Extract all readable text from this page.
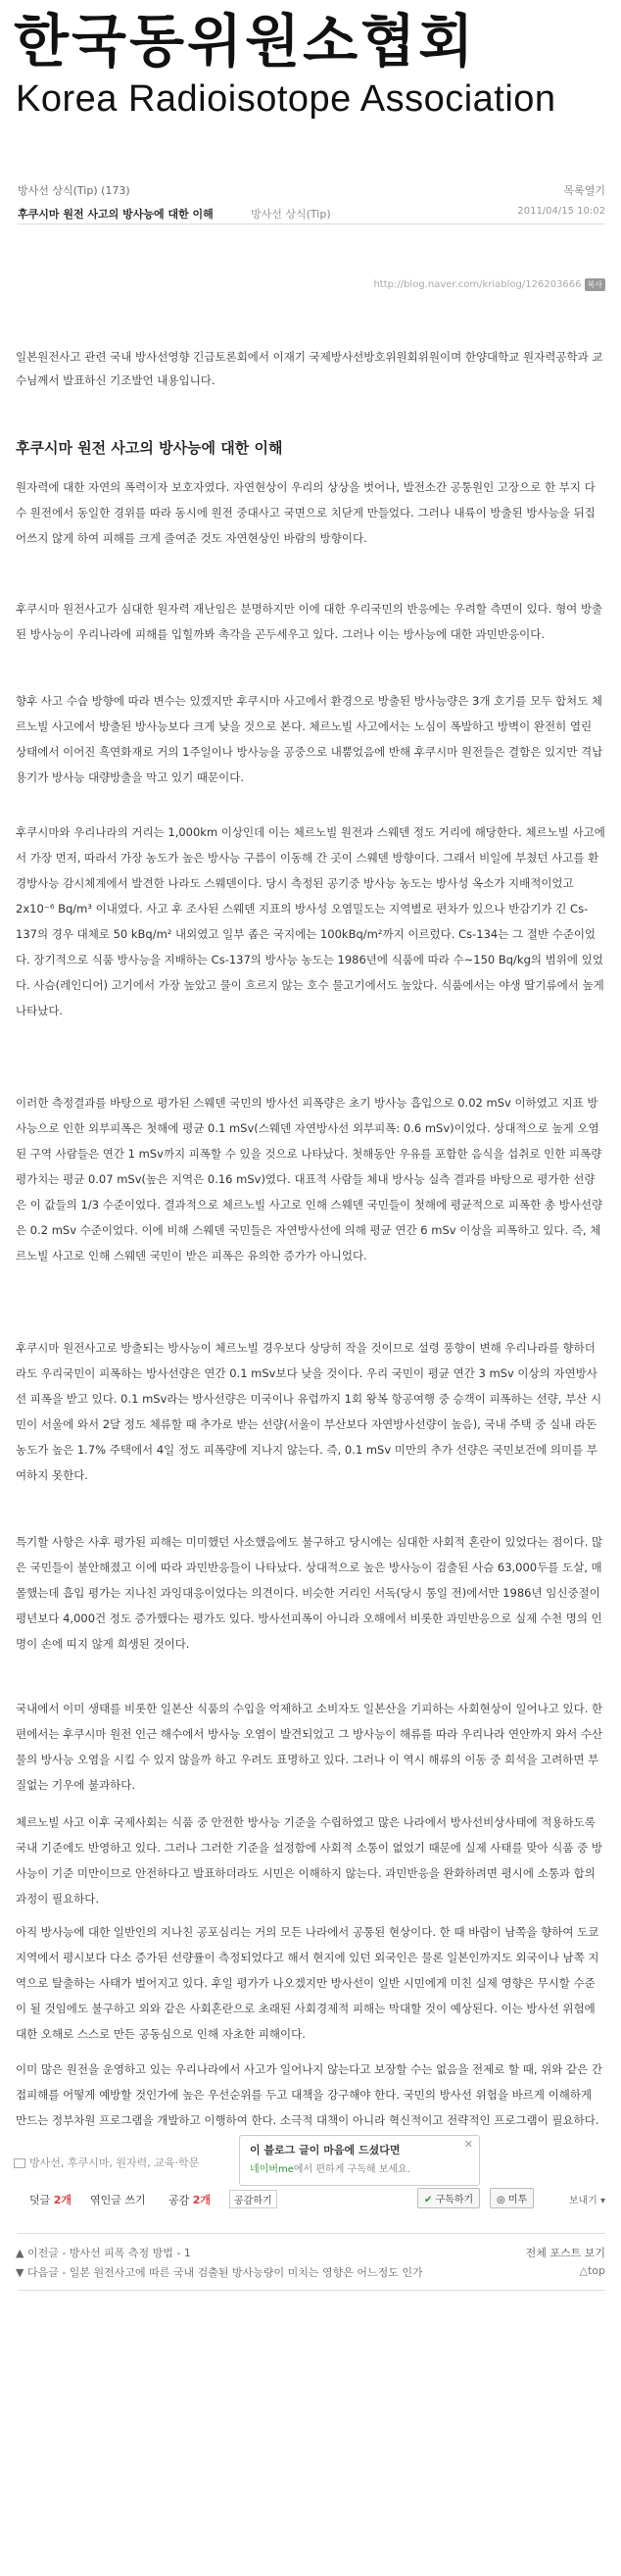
한국동위원소협회
Korea Radioisotope Association
방사선 상식(Tip) (173)	목록열기
후쿠시마 원전 사고의 방사능에 대한 이해	방사선 상식(Tip)	2011/04/15 10:02
http://blog.naver.com/kriablog/126203666 복사
일본원전사고 관련 국내 방사선영향 긴급토론회에서 이재기 국제방사선방호위원회위원이며 한양대학교 원자력공학과 교수님께서 발표하신 기조발언 내용입니다.
후쿠시마 원전 사고의 방사능에 대한 이해
원자력에 대한 자연의 폭력이자 보호자였다. 자연현상이 우리의 상상을 벗어나, 발전소간 공통원인 고장으로 한 부지 다수 원전에서 동일한 경위를 따라 동시에 원전 중대사고 국면으로 치닫게 만들었다. 그러나 내륙이 방출된 방사능을 뒤집어쓰지 않게 하여 피해를 크게 줄여준 것도 자연현상인 바람의 방향이다.
후쿠시마 원전사고가 심대한 원자력 재난임은 분명하지만 이에 대한 우리국민의 반응에는 우려할 측면이 있다. 형여 방출된 방사능이 우리나라에 피해를 입힐까봐 촉각을 곤두세우고 있다. 그러나 이는 방사능에 대한 과민반응이다.
향후 사고 수습 방향에 따라 변수는 있겠지만 후쿠시마 사고에서 환경으로 방출된 방사능량은 3개 호기를 모두 합쳐도 체르노빌 사고에서 방출된 방사능보다 크게 낮을 것으로 본다. 체르노빌 사고에서는 노심이 폭발하고 방벽이 완전히 열린 상태에서 이어진 흑연화재로 거의 1주일이나 방사능을 공중으로 내뿜었음에 반해 후쿠시마 원전들은 결함은 있지만 격납용기가 방사능 대량방출을 막고 있기 때문이다.
후쿠시마와 우리나라의 거리는 1,000km 이상인데 이는 체르노빌 원전과 스웨덴 정도 거리에 해당한다. 체르노빌 사고에서 가장 먼저, 따라서 가장 농도가 높은 방사능 구름이 이동해 간 곳이 스웨덴 방향이다. 그래서 비일에 부쳤던 사고를 환경방사능 감시체계에서 발견한 나라도 스웨덴이다. 당시 측정된 공기중 방사능 농도는 방사성 옥소가 지배적이었고 2x10⁻⁶ Bq/m³ 이내였다. 사고 후 조사된 스웨덴 지표의 방사성 오염밀도는 지역별로 편차가 있으나 반감기가 긴 Cs-137의 경우 대체로 50 kBq/m² 내외였고 일부 좁은 국지에는 100kBq/m²까지 이르렀다. Cs-134는 그 절반 수준이었다. 장기적으로 식품 방사능을 지배하는 Cs-137의 방사능 농도는 1986년에 식품에 따라 수~150 Bq/kg의 범위에 있었다. 사슴(레인디어) 고기에서 가장 높았고 물이 흐르지 않는 호수 물고기에서도 높았다. 식품에서는 야생 딸기류에서 높게 나타났다.
이러한 측정결과를 바탕으로 평가된 스웨덴 국민의 방사선 피폭량은 초기 방사능 흡입으로 0.02 mSv 이하였고 지표 방사능으로 인한 외부피폭은 첫해에 평균 0.1 mSv(스웨덴 자연방사선 외부피폭: 0.6 mSv)이었다. 상대적으로 높게 오염된 구역 사람들은 연간 1 mSv까지 피폭할 수 있을 것으로 나타났다. 첫해동안 우유를 포함한 음식을 섭취로 인한 피폭량 평가치는 평균 0.07 mSv(높은 지역은 0.16 mSv)였다. 대표적 사람들 체내 방사능 실측 결과를 바탕으로 평가한 선량은 이 값들의 1/3 수준이었다. 결과적으로 체르노빌 사고로 인해 스웨덴 국민들이 첫해에 평균적으로 피폭한 총 방사선량은 0.2 mSv 수준이었다. 이에 비해 스웨덴 국민들은 자연방사선에 의해 평균 연간 6 mSv 이상을 피폭하고 있다. 즉, 체르노빌 사고로 인해 스웨덴 국민이 받은 피폭은 유의한 증가가 아니었다.
후쿠시마 원전사고로 방출되는 방사능이 체르노빌 경우보다 상당히 작을 것이므로 설령 풍향이 변해 우리나라를 향하더라도 우리국민이 피폭하는 방사선량은 연간 0.1 mSv보다 낮을 것이다. 우리 국민이 평균 연간 3 mSv 이상의 자연방사선 피폭을 받고 있다. 0.1 mSv라는 방사선량은 미국이나 유럽까지 1회 왕복 항공여행 중 승객이 피폭하는 선량, 부산 시민이 서울에 와서 2달 정도 체류할 때 추가로 받는 선량(서울이 부산보다 자연방사선량이 높음), 국내 주택 중 실내 라돈농도가 높은 1.7% 주택에서 4일 정도 피폭량에 지나지 않는다. 즉, 0.1 mSv 미만의 추가 선량은 국민보건에 의미를 부여하지 못한다.
특기할 사항은 사후 평가된 피해는 미미했던 사소했음에도 불구하고 당시에는 심대한 사회적 혼란이 있었다는 점이다. 많은 국민들이 불안해졌고 이에 따라 과민반응들이 나타났다. 상대적으로 높은 방사능이 검출된 사슴 63,000두를 도살, 매몰했는데 흡입 평가는 지나친 과잉대응이었다는 의견이다. 비슷한 거리인 서독(당시 통일 전)에서만 1986년 임신중절이 평년보다 4,000건 정도 증가했다는 평가도 있다. 방사선피폭이 아니라 오해에서 비롯한 과민반응으로 실제 수천 명의 인명이 손에 띠지 않게 희생된 것이다.
국내에서 이미 생태를 비롯한 일본산 식품의 수입을 억제하고 소비자도 일본산을 기피하는 사회현상이 일어나고 있다. 한편에서는 후쿠시마 원전 인근 해수에서 방사능 오염이 발견되었고 그 방사능이 해류를 따라 우리나라 연안까지 와서 수산물의 방사능 오염을 시킬 수 있지 않을까 하고 우려도 표명하고 있다. 그러나 이 역시 해류의 이동 중 희석을 고려하면 부질없는 기우에 불과하다.
체르노빌 사고 이후 국제사회는 식품 중 안전한 방사능 기준을 수립하였고 많은 나라에서 방사선비상사태에 적용하도록 국내 기준에도 반영하고 있다. 그러나 그러한 기준을 설정함에 사회적 소통이 없었기 때문에 실제 사태를 맞아 식품 중 방사능이 기준 미만이므로 안전하다고 발표하더라도 시민은 이해하지 않는다. 과민반응을 완화하려면 평시에 소통과 합의 과정이 필요하다.
아직 방사능에 대한 일반인의 지나친 공포심리는 거의 모든 나라에서 공통된 현상이다. 한 때 바람이 남쪽을 향하여 도쿄 지역에서 평시보다 다소 증가된 선량률이 측정되었다고 해서 현지에 있던 외국인은 물론 일본인까지도 외국이나 남쪽 지역으로 탈출하는 사태가 벌어지고 있다. 후일 평가가 나오겠지만 방사선이 일반 시민에게 미친 실제 영향은 무시할 수준이 될 것임에도 불구하고 외와 같은 사회혼란으로 초래된 사회경제적 피해는 막대할 것이 예상된다. 이는 방사선 위험에 대한 오해로 스스로 만든 공동심으로 인해 자초한 피해이다.
이미 많은 원전을 운영하고 있는 우리나라에서 사고가 일어나지 않는다고 보장할 수는 없음을 전제로 할 때, 위와 같은 간접피해를 어떻게 예방할 것인가에 높은 우선순위를 두고 대책을 강구해야 한다. 국민의 방사선 위험을 바르게 이해하게 만드는 정부차원 프로그램을 개발하고 이행하여 한다. 소극적 대책이 아니라 혁신적이고 전략적인 프로그램이 필요하다.
방사선, 후쿠시마, 원자력, 교육·학문
이 블로그 글이 마음에 드셨다면
네이버me에서 편하게 구독해 보세요.
✕
덧글 2개 엮인글 쓰기 공감 2개	공감하기	✔ 구독하기	◎ 미투	보내기 ▾
▲ 이전글 - 방사선 피폭 측정 방법 - 1	전체 포스트 보기
▼ 다음글 - 일본 원전사고에 따른 국내 검출된 방사능량이 미치는 영향은 어느정도 인가	△top
